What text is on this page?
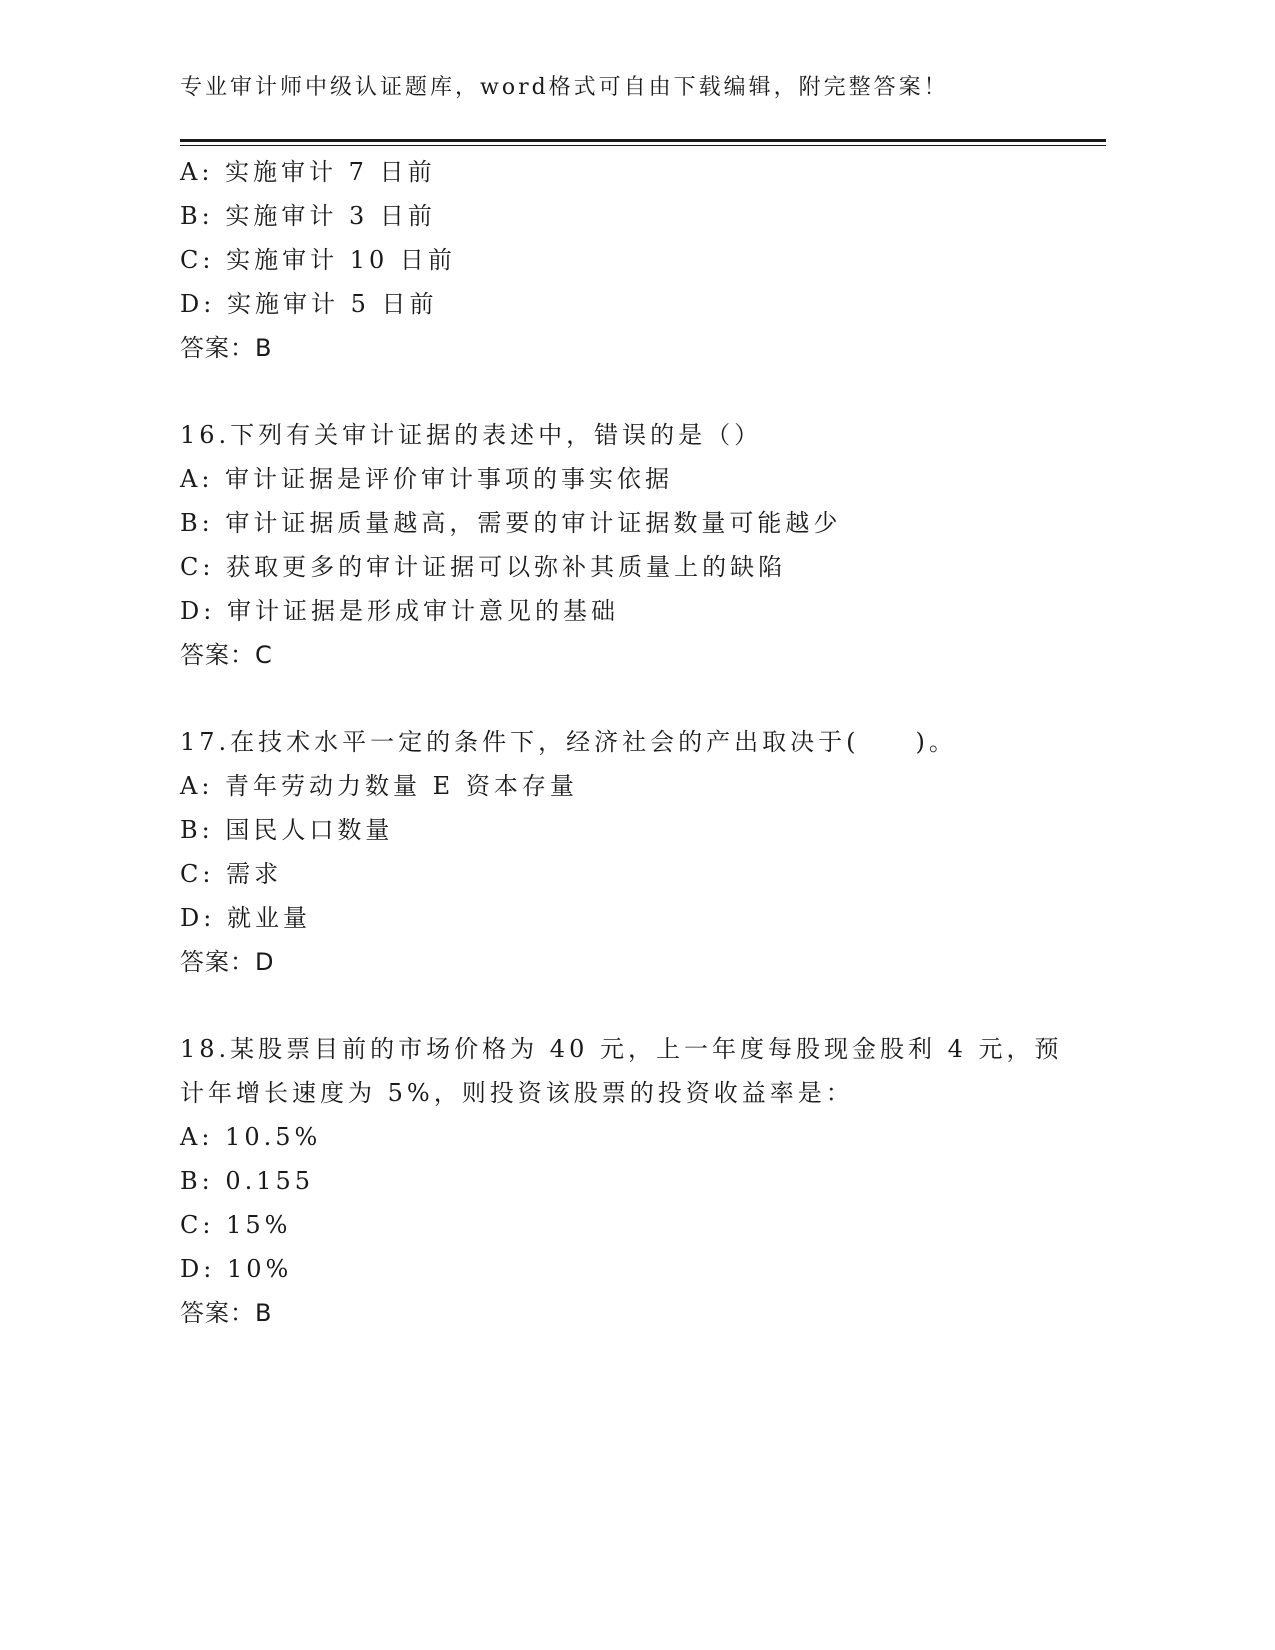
专业审计师中级认证题库，word格式可自由下载编辑，附完整答案！
A: 实施审计 7 日前
B: 实施审计 3 日前
C: 实施审计 10 日前
D: 实施审计 5 日前
答案：B
16.下列有关审计证据的表述中，错误的是（）
A: 审计证据是评价审计事项的事实依据
B: 审计证据质量越高，需要的审计证据数量可能越少
C: 获取更多的审计证据可以弥补其质量上的缺陷
D: 审计证据是形成审计意见的基础
答案：C
17.在技术水平一定的条件下，经济社会的产出取决于(　　)。
A: 青年劳动力数量 E 资本存量
B: 国民人口数量
C: 需求
D: 就业量
答案：D
18.某股票目前的市场价格为 40 元，上一年度每股现金股利 4 元，预
计年增长速度为 5%，则投资该股票的投资收益率是：
A: 10.5%
B: 0.155
C: 15%
D: 10%
答案：B
